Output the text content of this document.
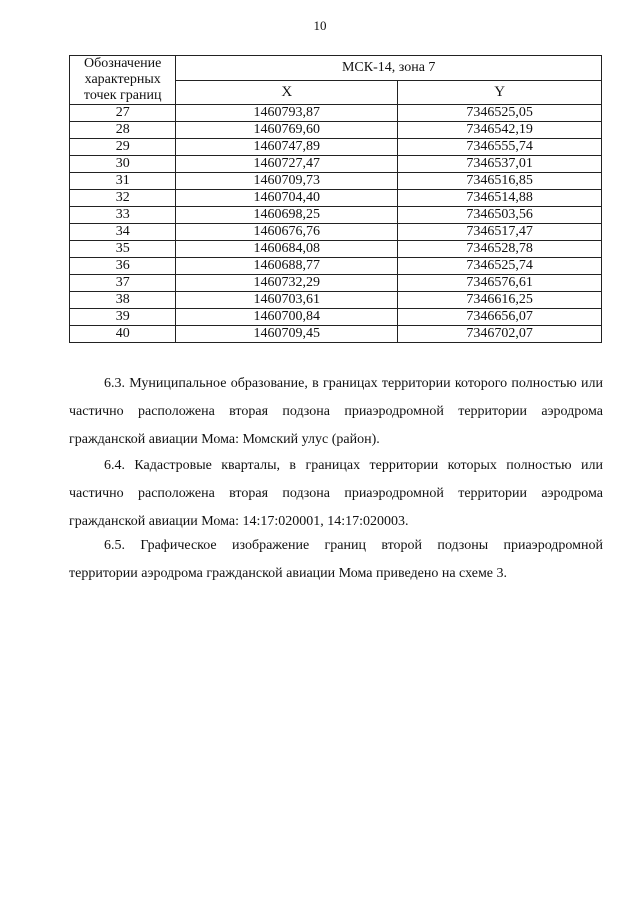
10
Обозначение характерных точек границ	МСК-14, зона 7	
	X	Y
27	1460793,87	7346525,05
28	1460769,60	7346542,19
29	1460747,89	7346555,74
30	1460727,47	7346537,01
31	1460709,73	7346516,85
32	1460704,40	7346514,88
33	1460698,25	7346503,56
34	1460676,76	7346517,47
35	1460684,08	7346528,78
36	1460688,77	7346525,74
37	1460732,29	7346576,61
38	1460703,61	7346616,25
39	1460700,84	7346656,07
40	1460709,45	7346702,07

6.3. Муниципальное образование, в границах территории которого полностью или частично расположена вторая подзона приаэродромной территории аэродрома гражданской авиации Мома: Момский улус (район).

6.4. Кадастровые кварталы, в границах территории которых полностью или частично расположена вторая подзона приаэродромной территории аэродрома гражданской авиации Мома: 14:17:020001, 14:17:020003.

6.5. Графическое изображение границ второй подзоны приаэродромной территории аэродрома гражданской авиации Мома приведено на схеме 3.
